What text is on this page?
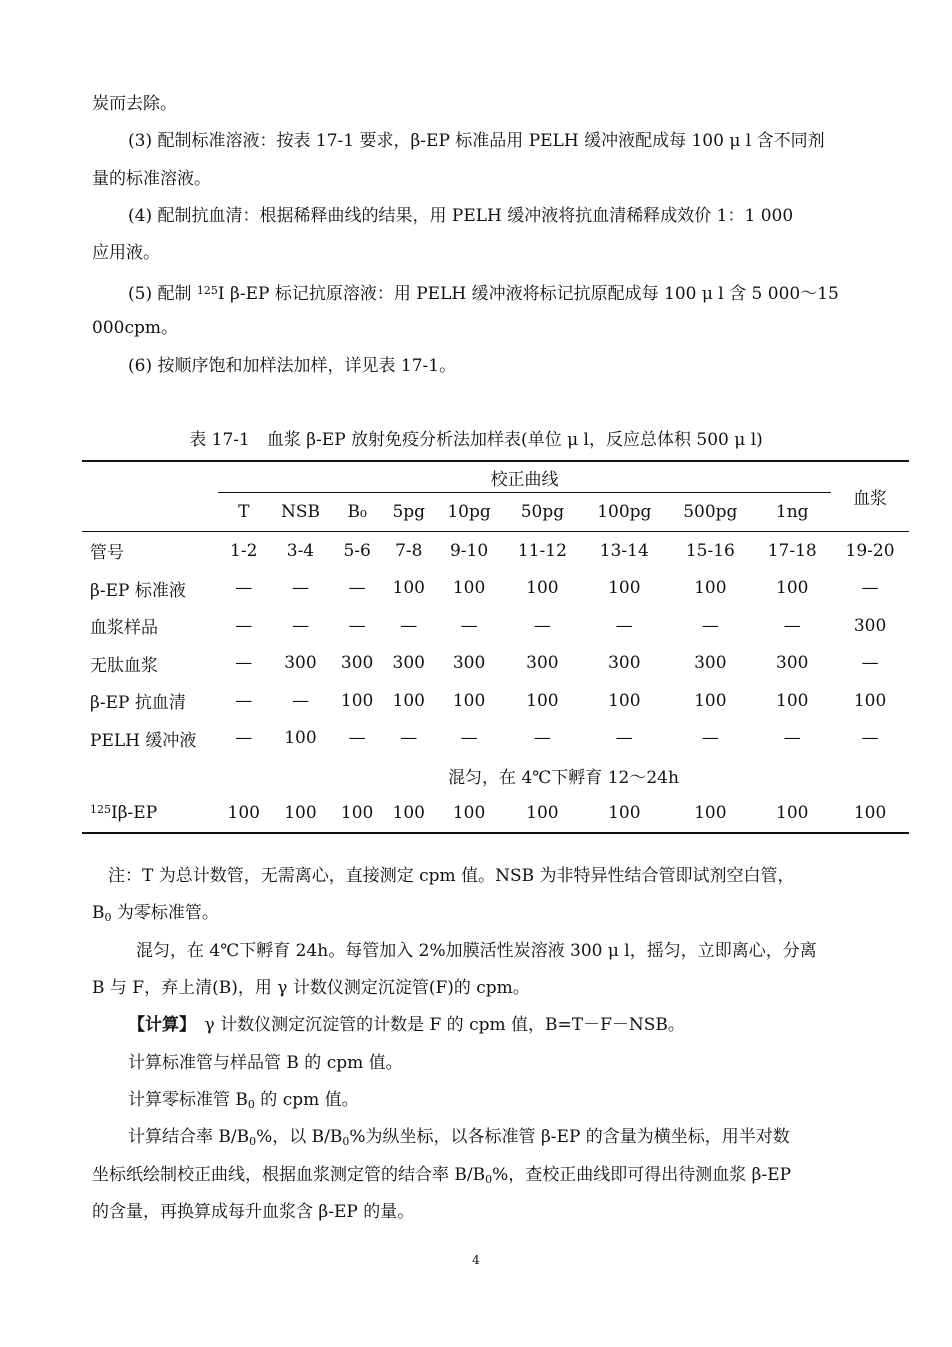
炭而去除。
(3) 配制标准溶液：按表 17-1 要求，β-EP 标准品用 PELH 缓冲液配成每 100 μ l 含不同剂
量的标准溶液。
(4) 配制抗血清：根据稀释曲线的结果，用 PELH 缓冲液将抗血清稀释成效价 1：1 000
应用液。
(5) 配制 $^{125}$I β-EP 标记抗原溶液：用 PELH 缓冲液将标记抗原配成每 100 μ l 含 5 000～15
000cpm。
(6) 按顺序饱和加样法加样，详见表 17-1。
表 17-1　血浆 β-EP 放射免疫分析法加样表(单位 μ l，反应总体积 500 μ l)
	校正曲线									血浆
	T	NSB	B₀	5pg	10pg	50pg	100pg	500pg	1ng	
管号	1-2	3-4	5-6	7-8	9-10	11-12	13-14	15-16	17-18	19-20
β-EP 标准液	—	—	—	100	100	100	100	100	100	—
血浆样品	—	—	—	—	—	—	—	—	—	300
无肽血浆	—	300	300	300	300	300	300	300	300	—
β-EP 抗血清	—	—	100	100	100	100	100	100	100	100
PELH 缓冲液	—	100	—	—	—	—	—	—	—	—
	混匀，在 4℃下孵育 12～24h									
$^{125}$Iβ-EP	100	100	100	100	100	100	100	100	100	100
注：T 为总计数管，无需离心，直接测定 cpm 值。NSB 为非特异性结合管即试剂空白管，
$B_0$ 为零标准管。
混匀，在 4℃下孵育 24h。每管加入 2%加膜活性炭溶液 300 μ l，摇匀，立即离心，分离
B 与 F，弃上清(B)，用 γ 计数仪测定沉淀管(F)的 cpm。
【计算】　γ 计数仪测定沉淀管的计数是 F 的 cpm 值，B=T－F－NSB。
计算标准管与样品管 B 的 cpm 值。
计算零标准管 $B_0$ 的 cpm 值。
计算结合率 $B/B_0\%$，以 $B/B_0\%$为纵坐标，以各标准管 β-EP 的含量为横坐标，用半对数
坐标纸绘制校正曲线，根据血浆测定管的结合率 $B/B_0\%$，查校正曲线即可得出待测血浆 β-EP
的含量，再换算成每升血浆含 β-EP 的量。
4
